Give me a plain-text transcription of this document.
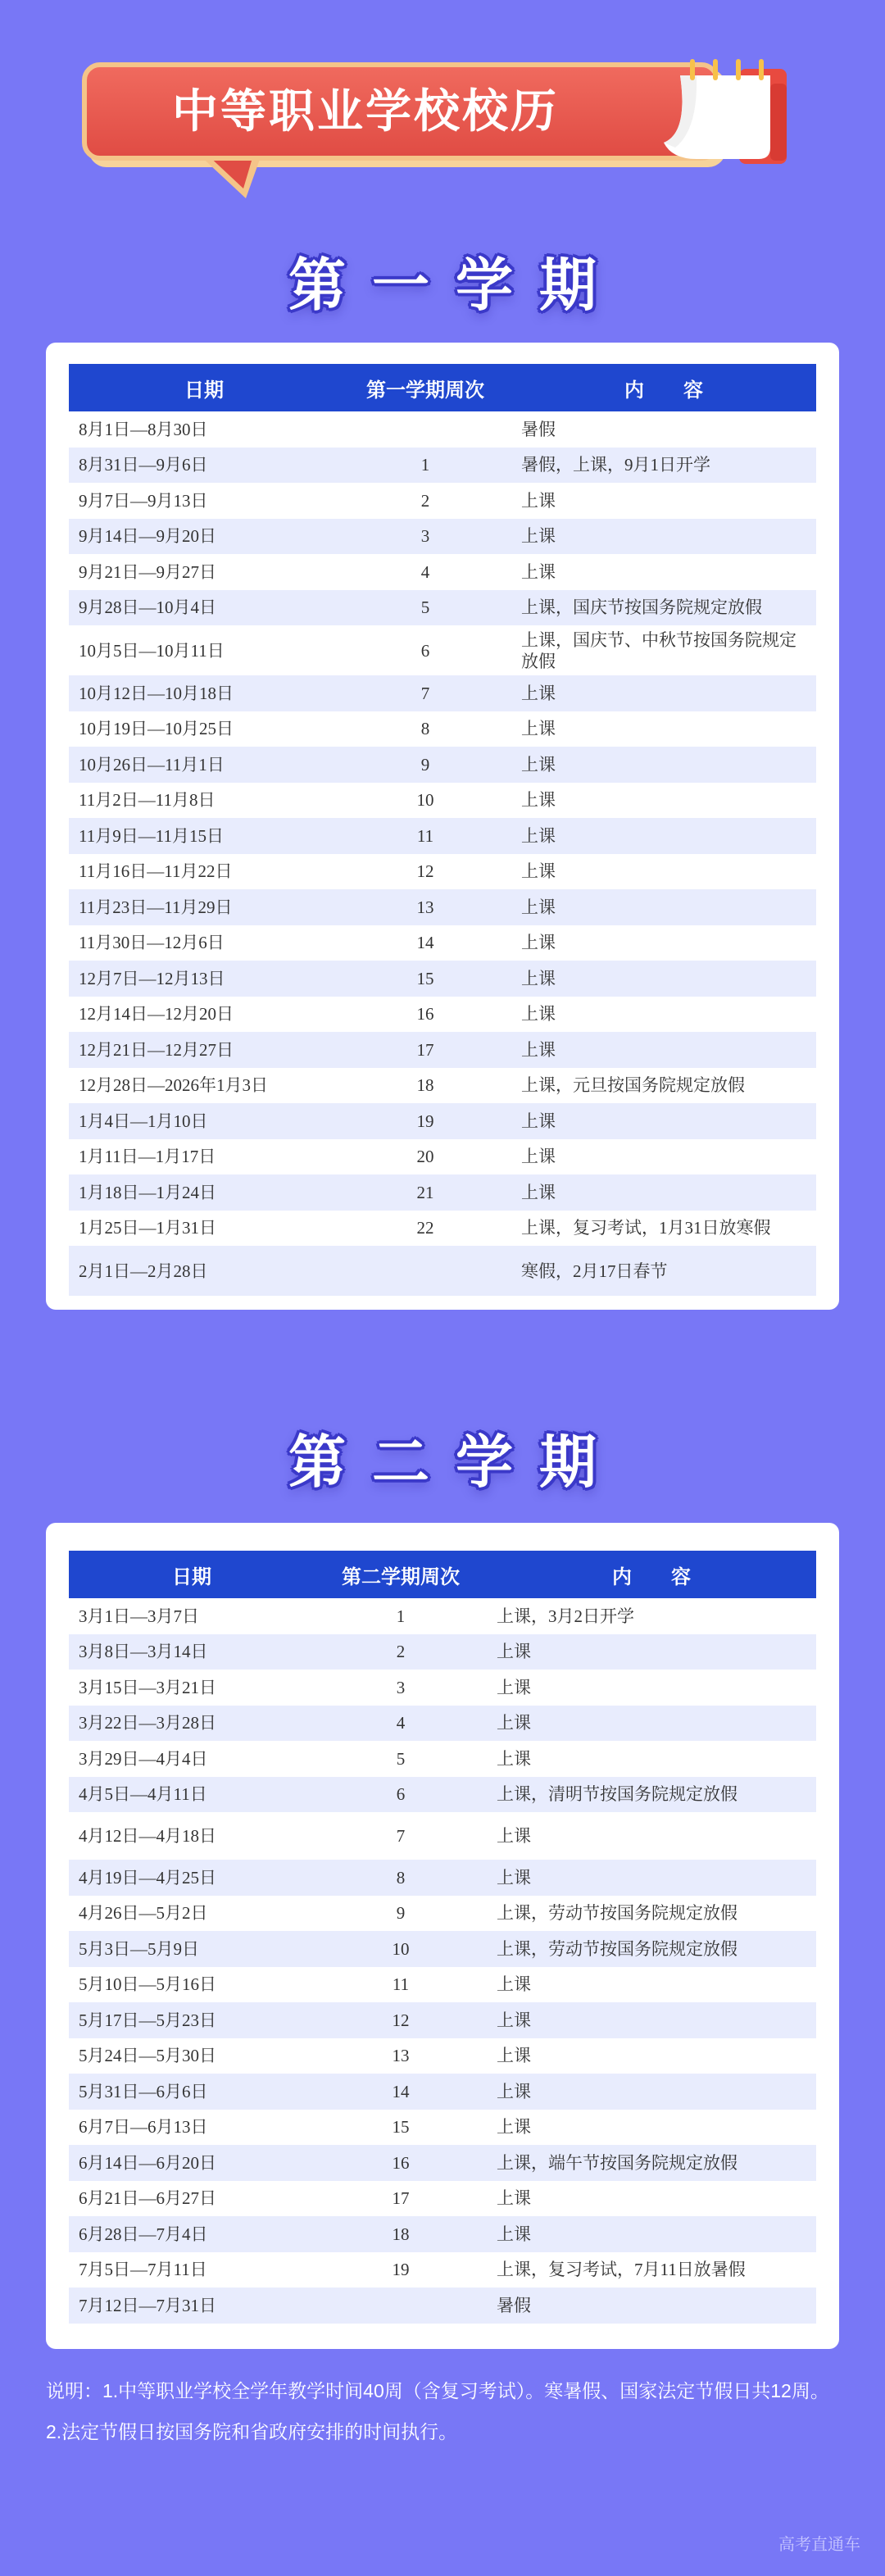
中等职业学校校历
第一学期
日期	第一学期周次	内　　容
8月1日—8月30日		暑假
8月31日—9月6日	1	暑假，上课，9月1日开学
9月7日—9月13日	2	上课
9月14日—9月20日	3	上课
9月21日—9月27日	4	上课
9月28日—10月4日	5	上课，国庆节按国务院规定放假
10月5日—10月11日	6	上课，国庆节、中秋节按国务院规定放假
10月12日—10月18日	7	上课
10月19日—10月25日	8	上课
10月26日—11月1日	9	上课
11月2日—11月8日	10	上课
11月9日—11月15日	11	上课
11月16日—11月22日	12	上课
11月23日—11月29日	13	上课
11月30日—12月6日	14	上课
12月7日—12月13日	15	上课
12月14日—12月20日	16	上课
12月21日—12月27日	17	上课
12月28日—2026年1月3日	18	上课，元旦按国务院规定放假
1月4日—1月10日	19	上课
1月11日—1月17日	20	上课
1月18日—1月24日	21	上课
1月25日—1月31日	22	上课，复习考试，1月31日放寒假
2月1日—2月28日		寒假，2月17日春节
第二学期
日期	第二学期周次	内　　容
3月1日—3月7日	1	上课，3月2日开学
3月8日—3月14日	2	上课
3月15日—3月21日	3	上课
3月22日—3月28日	4	上课
3月29日—4月4日	5	上课
4月5日—4月11日	6	上课，清明节按国务院规定放假
4月12日—4月18日	7	上课
4月19日—4月25日	8	上课
4月26日—5月2日	9	上课，劳动节按国务院规定放假
5月3日—5月9日	10	上课，劳动节按国务院规定放假
5月10日—5月16日	11	上课
5月17日—5月23日	12	上课
5月24日—5月30日	13	上课
5月31日—6月6日	14	上课
6月7日—6月13日	15	上课
6月14日—6月20日	16	上课，端午节按国务院规定放假
6月21日—6月27日	17	上课
6月28日—7月4日	18	上课
7月5日—7月11日	19	上课，复习考试，7月11日放暑假
7月12日—7月31日		暑假

说明：1.中等职业学校全学年教学时间40周（含复习考试）。寒暑假、国家法定节假日共12周。

2.法定节假日按国务院和省政府安排的时间执行。

高考直通车
